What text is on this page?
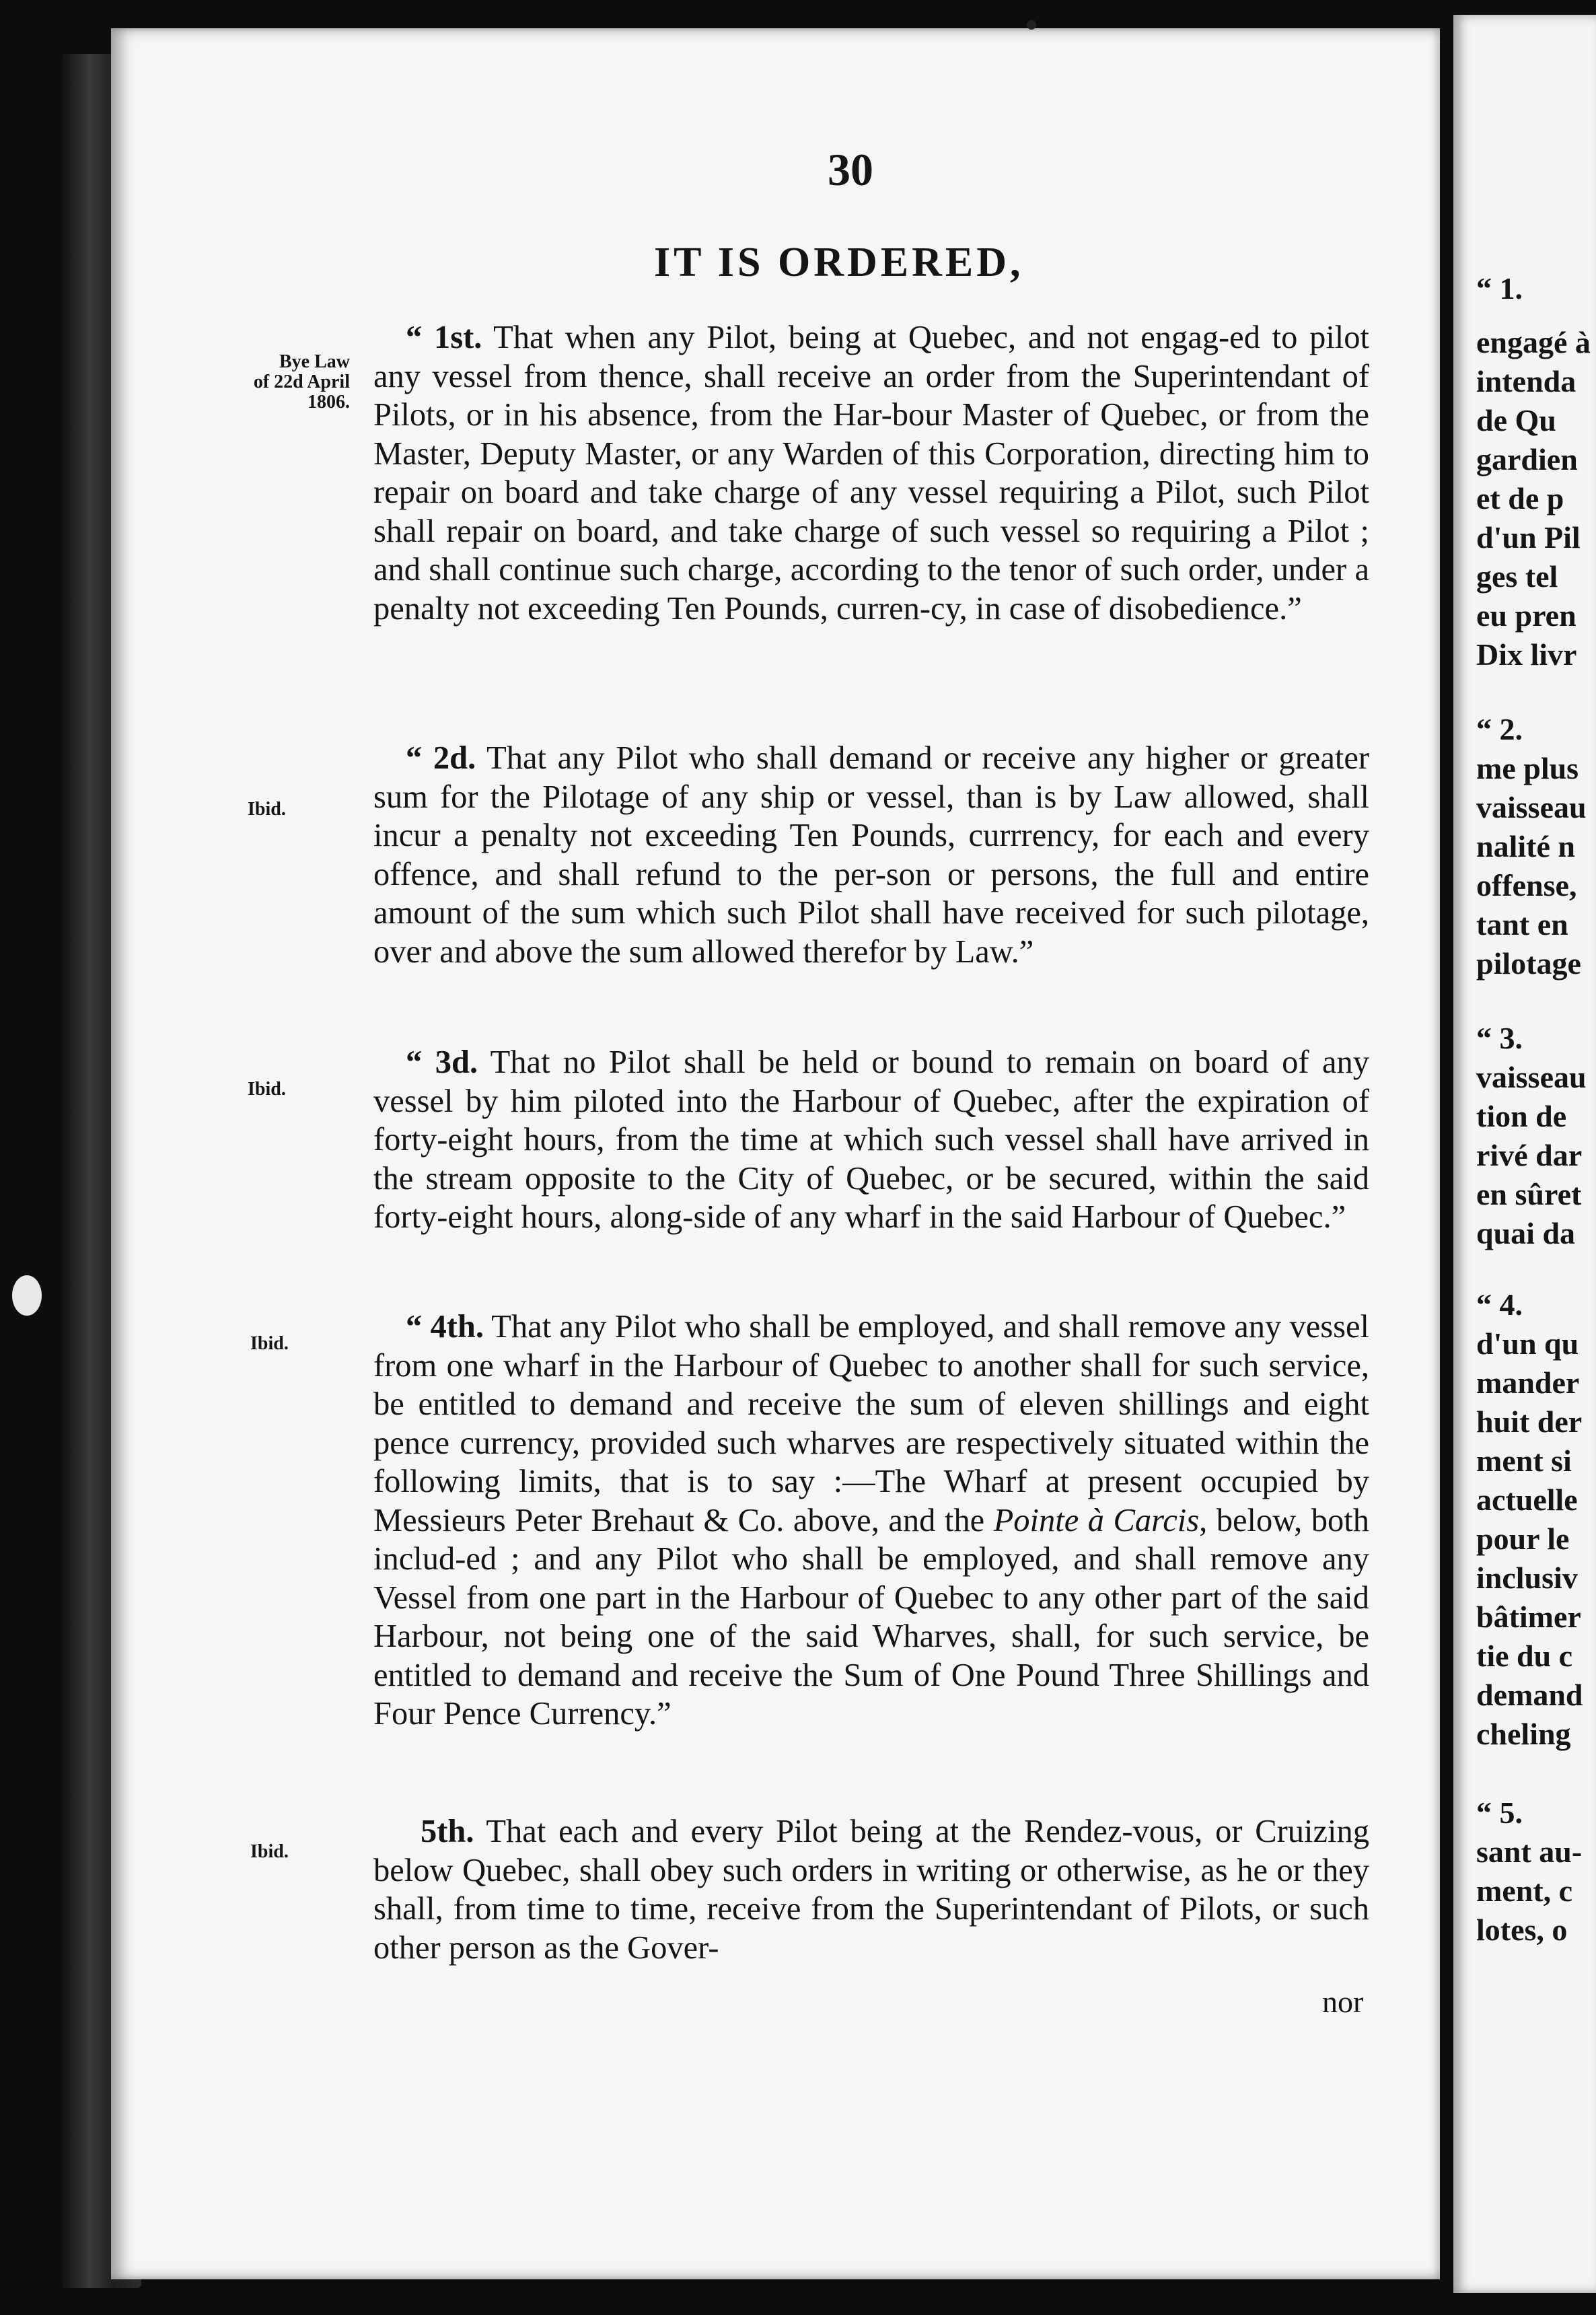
“ 1.
engagé à
intenda
de Qu
gardien
et de p
d'un Pil
ges tel
eu pren
Dix livr
“ 2.
me plus
vaisseau
nalité n
offense,
tant en
pilotage
“ 3.
vaisseau
tion de
rivé dar
en sûret
quai da
“ 4.
d'un qu
mander
huit der
ment si
actuelle
pour le
inclusiv
bâtimer
tie du c
demand
cheling
“ 5.
sant au-
ment, c
lotes, o
30
IT IS ORDERED,
Bye Law
of 22d April
1806.
Ibid.
Ibid.
Ibid.
Ibid.
“ 1st. That when any Pilot, being at Quebec, and not engag-ed to pilot any vessel from thence, shall receive an order from the Superintendant of Pilots, or in his absence, from the Har-bour Master of Quebec, or from the Master, Deputy Master, or any Warden of this Corporation, directing him to repair on board and take charge of any vessel requiring a Pilot, such Pilot shall repair on board, and take charge of such vessel so requiring a Pilot ; and shall continue such charge, according to the tenor of such order, under a penalty not exceeding Ten Pounds, curren-cy, in case of disobedience.”
“ 2d. That any Pilot who shall demand or receive any higher or greater sum for the Pilotage of any ship or vessel, than is by Law allowed, shall incur a penalty not exceeding Ten Pounds, currrency, for each and every offence, and shall refund to the per-son or persons, the full and entire amount of the sum which such Pilot shall have received for such pilotage, over and above the sum allowed therefor by Law.”
“ 3d. That no Pilot shall be held or bound to remain on board of any vessel by him piloted into the Harbour of Quebec, after the expiration of forty-eight hours, from the time at which such vessel shall have arrived in the stream opposite to the City of Quebec, or be secured, within the said forty-eight hours, along-side of any wharf in the said Harbour of Quebec.”
“ 4th. That any Pilot who shall be employed, and shall remove any vessel from one wharf in the Harbour of Quebec to another shall for such service, be entitled to demand and receive the sum of eleven shillings and eight pence currency, provided such wharves are respectively situated within the following limits, that is to say :—The Wharf at present occupied by Messieurs Peter Brehaut & Co. above, and the Pointe à Carcis, below, both includ-ed ; and any Pilot who shall be employed, and shall remove any Vessel from one part in the Harbour of Quebec to any other part of the said Harbour, not being one of the said Wharves, shall, for such service, be entitled to demand and receive the Sum of One Pound Three Shillings and Four Pence Currency.”
5th. That each and every Pilot being at the Rendez-vous, or Cruizing below Quebec, shall obey such orders in writing or otherwise, as he or they shall, from time to time, receive from the Superintendant of Pilots, or such other person as the Gover-
nor
